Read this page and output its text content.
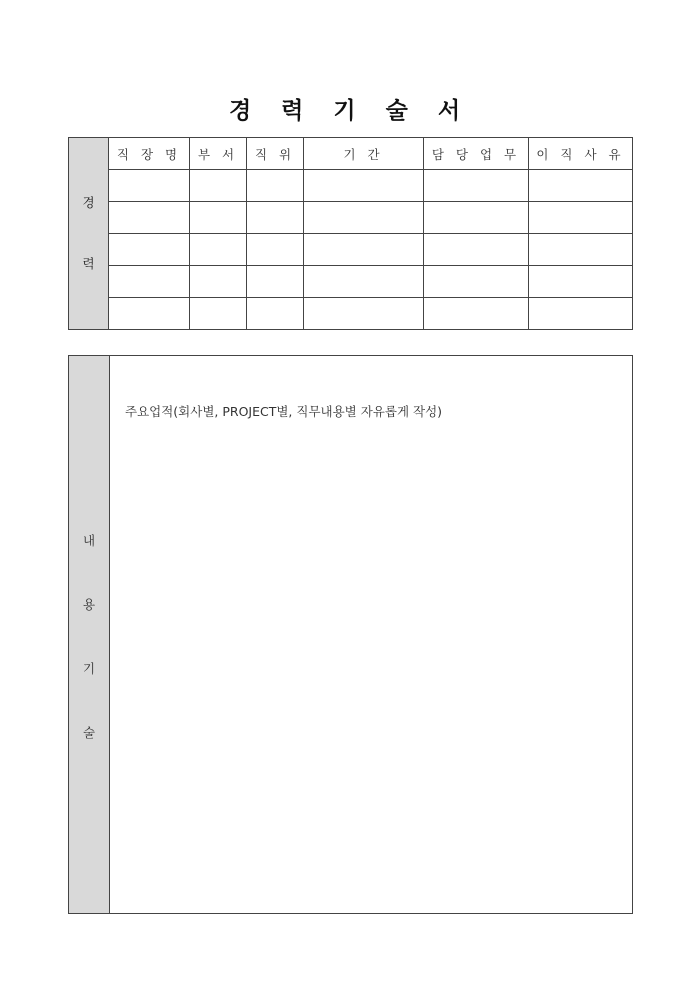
경 력 기 술 서
경
력	직 장 명	부 서	직 위	기 간	담 당 업 무	이 직 사 유

내
용
기
술
주요업적(회사별, PROJECT별, 직무내용별 자유롭게 작성)
